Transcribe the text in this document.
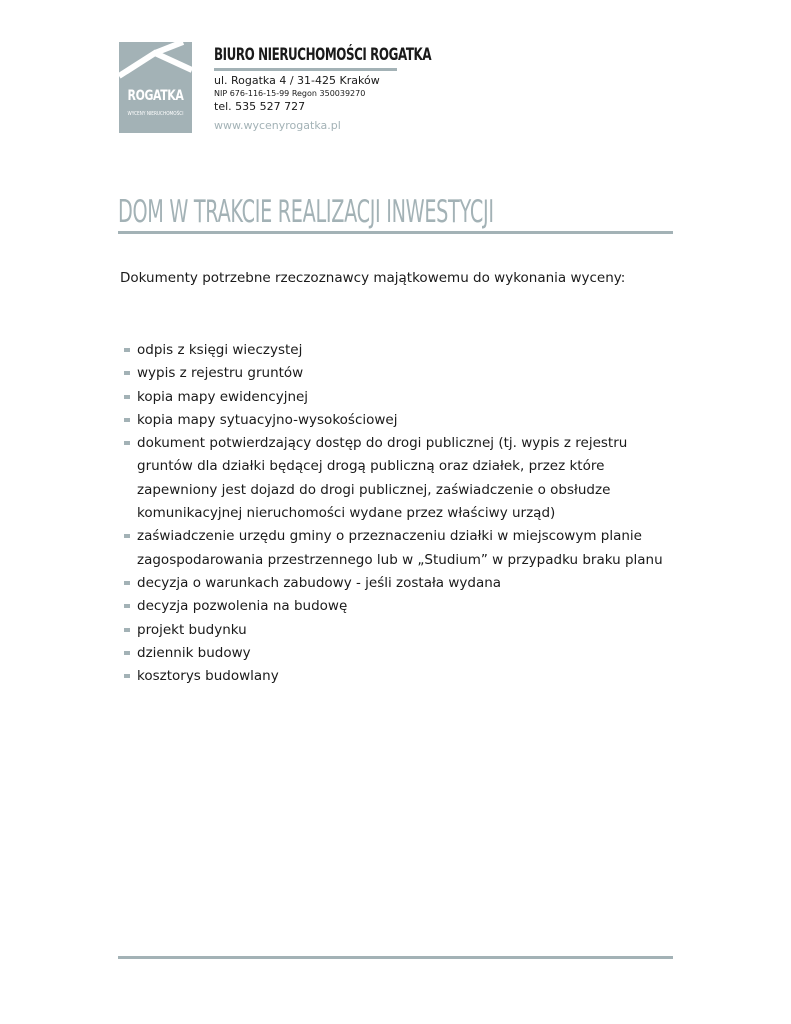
ROGATKA
WYCENY NIERUCHOMOŚCI
BIURO NIERUCHOMOŚCI ROGATKA
ul. Rogatka 4 / 31-425 Kraków
NIP 676-116-15-99 Regon 350039270
tel. 535 527 727
www.wycenyrogatka.pl
DOM W TRAKCIE REALIZACJI INWESTYCJI
Dokumenty potrzebne rzeczoznawcy majątkowemu do wykonania wyceny:
odpis z księgi wieczystej
wypis z rejestru gruntów
kopia mapy ewidencyjnej
kopia mapy sytuacyjno-wysokościowej
dokument potwierdzający dostęp do drogi publicznej (tj. wypis z rejestru gruntów dla działki będącej drogą publiczną oraz działek, przez które zapewniony jest dojazd do drogi publicznej, zaświadczenie o obsłudze komunikacyjnej nieruchomości wydane przez właściwy urząd)
zaświadczenie urzędu gminy o przeznaczeniu działki w miejscowym planie zagospodarowania przestrzennego lub w „Studium” w przypadku braku planu
decyzja o warunkach zabudowy - jeśli została wydana
decyzja pozwolenia na budowę
projekt budynku
dziennik budowy
kosztorys budowlany
